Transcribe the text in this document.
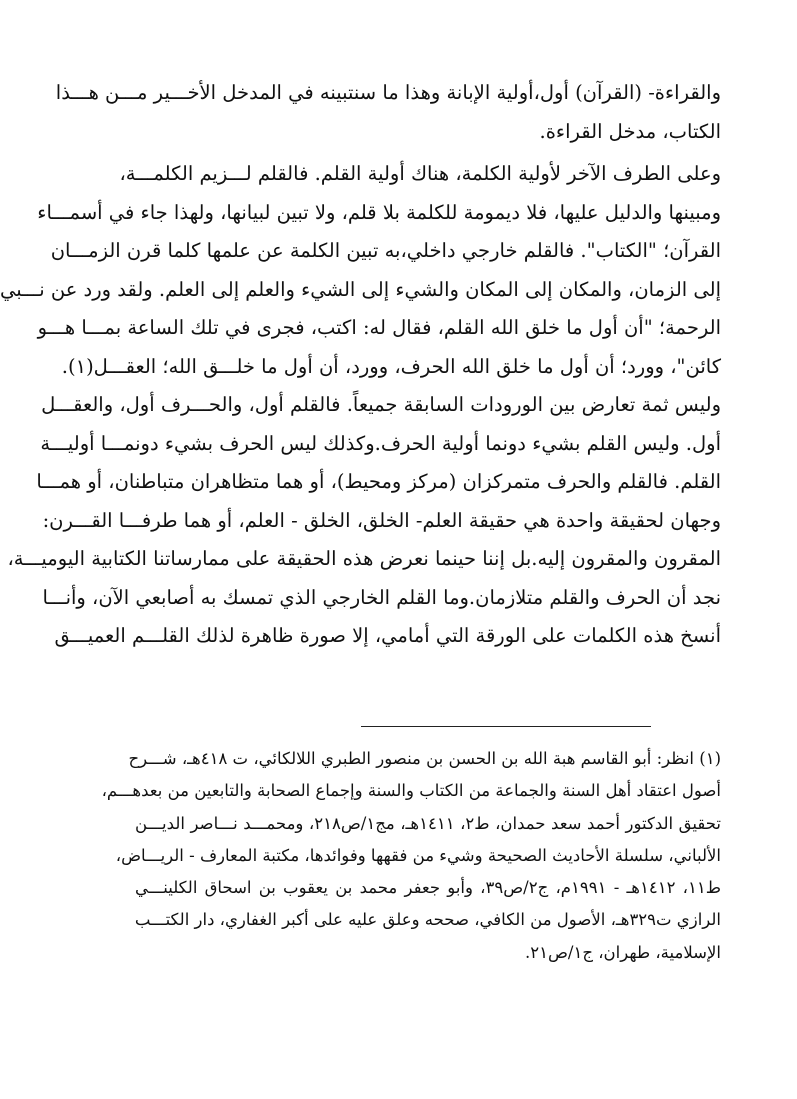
والقراءة- (القرآن) أول،أولية الإبانة وهذا ما سنتبينه في المدخل الأخـــير مـــن هـــذا
الكتاب، مدخل القراءة.
وعلى الطرف الآخر لأولية الكلمة، هناك أولية القلم. فالقلم لـــزيم الكلمـــة،
ومبينها والدليل عليها، فلا ديمومة للكلمة بلا قلم، ولا تبين لبيانها، ولهذا جاء في أسمـــاء
القرآن؛ "الكتاب". فالقلم خارجي داخلي،به تبين الكلمة عن علمها كلما قرن الزمـــان
إلى الزمان، والمكان إلى المكان والشيء إلى الشيء والعلم إلى العلم. ولقد ورد عن نـــبي
الرحمة؛ "أن أول ما خلق الله القلم، فقال له: اكتب، فجرى في تلك الساعة بمـــا هـــو
كائن"، وورد؛ أن أول ما خلق الله الحرف، وورد، أن أول ما خلـــق الله؛ العقـــل(١).
وليس ثمة تعارض بين الورودات السابقة جميعاً. فالقلم أول، والحـــرف أول، والعقـــل
أول. وليس القلم بشيء دونما أولية الحرف.وكذلك ليس الحرف بشيء دونمـــا أوليـــة
القلم. فالقلم والحرف متمركزان (مركز ومحيط)، أو هما متظاهران متباطنان، أو همـــا
وجهان لحقيقة واحدة هي حقيقة العلم- الخلق، الخلق - العلم، أو هما طرفـــا القـــرن:
المقرون والمقرون إليه.بل إننا حينما نعرض هذه الحقيقة على ممارساتنا الكتابية اليوميـــة،
نجد أن الحرف والقلم متلازمان.وما القلم الخارجي الذي تمسك به أصابعي الآن، وأنـــا
أنسخ هذه الكلمات على الورقة التي أمامي، إلا صورة ظاهرة لذلك القلـــم العميـــق
(١) انظر: أبو القاسم هبة الله بن الحسن بن منصور الطبري اللالكائي، ت ٤١٨هـ، شـــرح
أصول اعتقاد أهل السنة والجماعة من الكتاب والسنة وإجماع الصحابة والتابعين من بعدهـــم،
تحقيق الدكتور أحمد سعد حمدان، ط٢، ١٤١١هـ، مج١/ص٢١٨، ومحمـــد نـــاصر الديـــن
الألباني، سلسلة الأحاديث الصحيحة وشيء من فقهها وفوائدها، مكتبة المعارف - الريـــاض،
ط١١، ١٤١٢هـ - ١٩٩١م، ج٢/ص٣٩، وأبو جعفر محمد بن يعقوب بن اسحاق الكلينـــي
الرازي ت٣٢٩هـ، الأصول من الكافي، صححه وعلق عليه على أكبر الغفاري، دار الكتـــب
الإسلامية، طهران، ج١/ص٢١.
